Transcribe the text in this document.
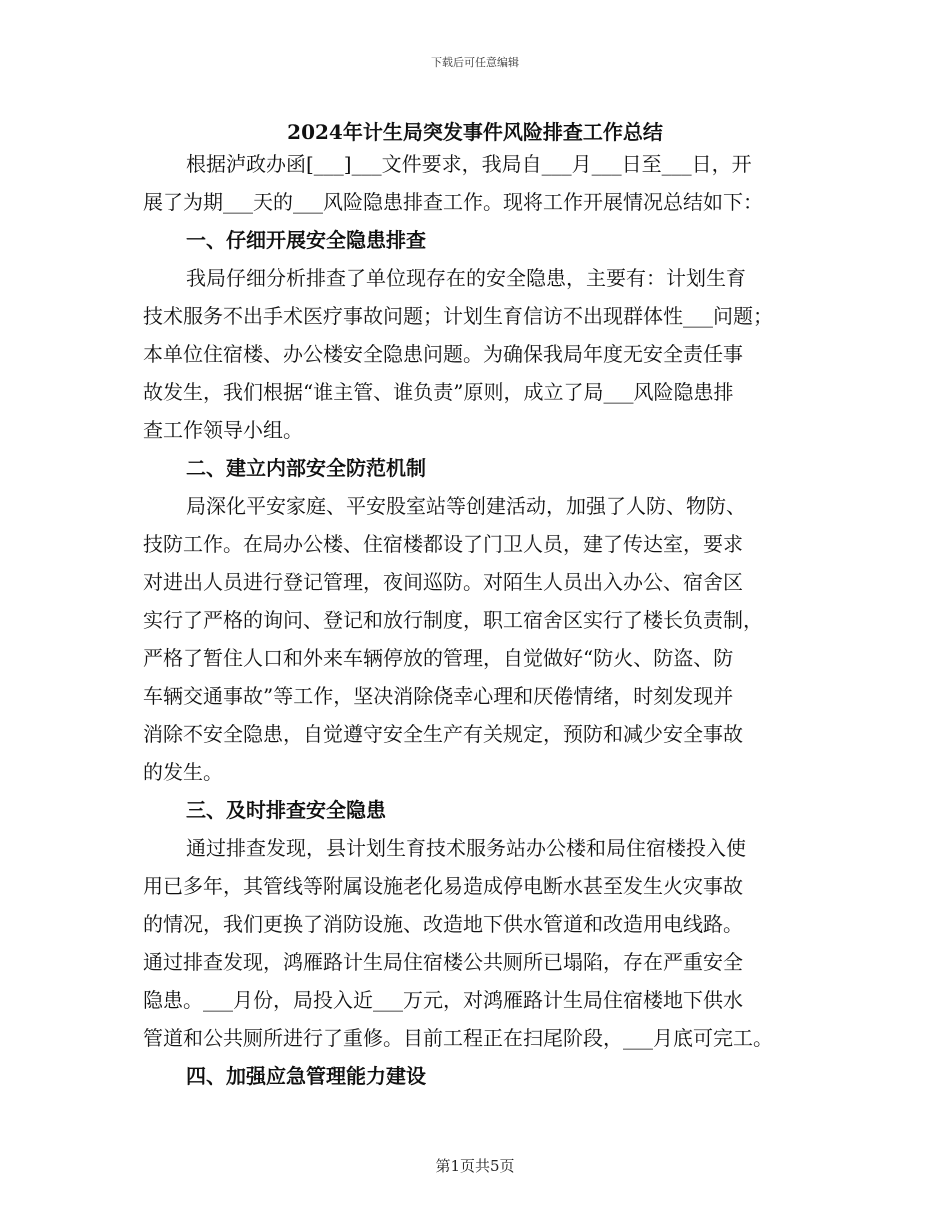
下载后可任意编辑
2024年计生局突发事件风险排查工作总结
根据泸政办函[___]___文件要求，我局自___月___日至___日，开
展了为期___天的___风险隐患排查工作。现将工作开展情况总结如下：
一、仔细开展安全隐患排查
我局仔细分析排查了单位现存在的安全隐患，主要有：计划生育
技术服务不出手术医疗事故问题；计划生育信访不出现群体性___问题；
本单位住宿楼、办公楼安全隐患问题。为确保我局年度无安全责任事
故发生，我们根据“谁主管、谁负责”原则，成立了局___风险隐患排
查工作领导小组。
二、建立内部安全防范机制
局深化平安家庭、平安股室站等创建活动，加强了人防、物防、
技防工作。在局办公楼、住宿楼都设了门卫人员，建了传达室，要求
对进出人员进行登记管理，夜间巡防。对陌生人员出入办公、宿舍区
实行了严格的询问、登记和放行制度，职工宿舍区实行了楼长负责制，
严格了暂住人口和外来车辆停放的管理，自觉做好“防火、防盗、防
车辆交通事故”等工作，坚决消除侥幸心理和厌倦情绪，时刻发现并
消除不安全隐患，自觉遵守安全生产有关规定，预防和减少安全事故
的发生。
三、及时排查安全隐患
通过排查发现，县计划生育技术服务站办公楼和局住宿楼投入使
用已多年，其管线等附属设施老化易造成停电断水甚至发生火灾事故
的情况，我们更换了消防设施、改造地下供水管道和改造用电线路。
通过排查发现，鸿雁路计生局住宿楼公共厕所已塌陷，存在严重安全
隐患。___月份，局投入近___万元，对鸿雁路计生局住宿楼地下供水
管道和公共厕所进行了重修。目前工程正在扫尾阶段，___月底可完工。
四、加强应急管理能力建设
第1页共5页
